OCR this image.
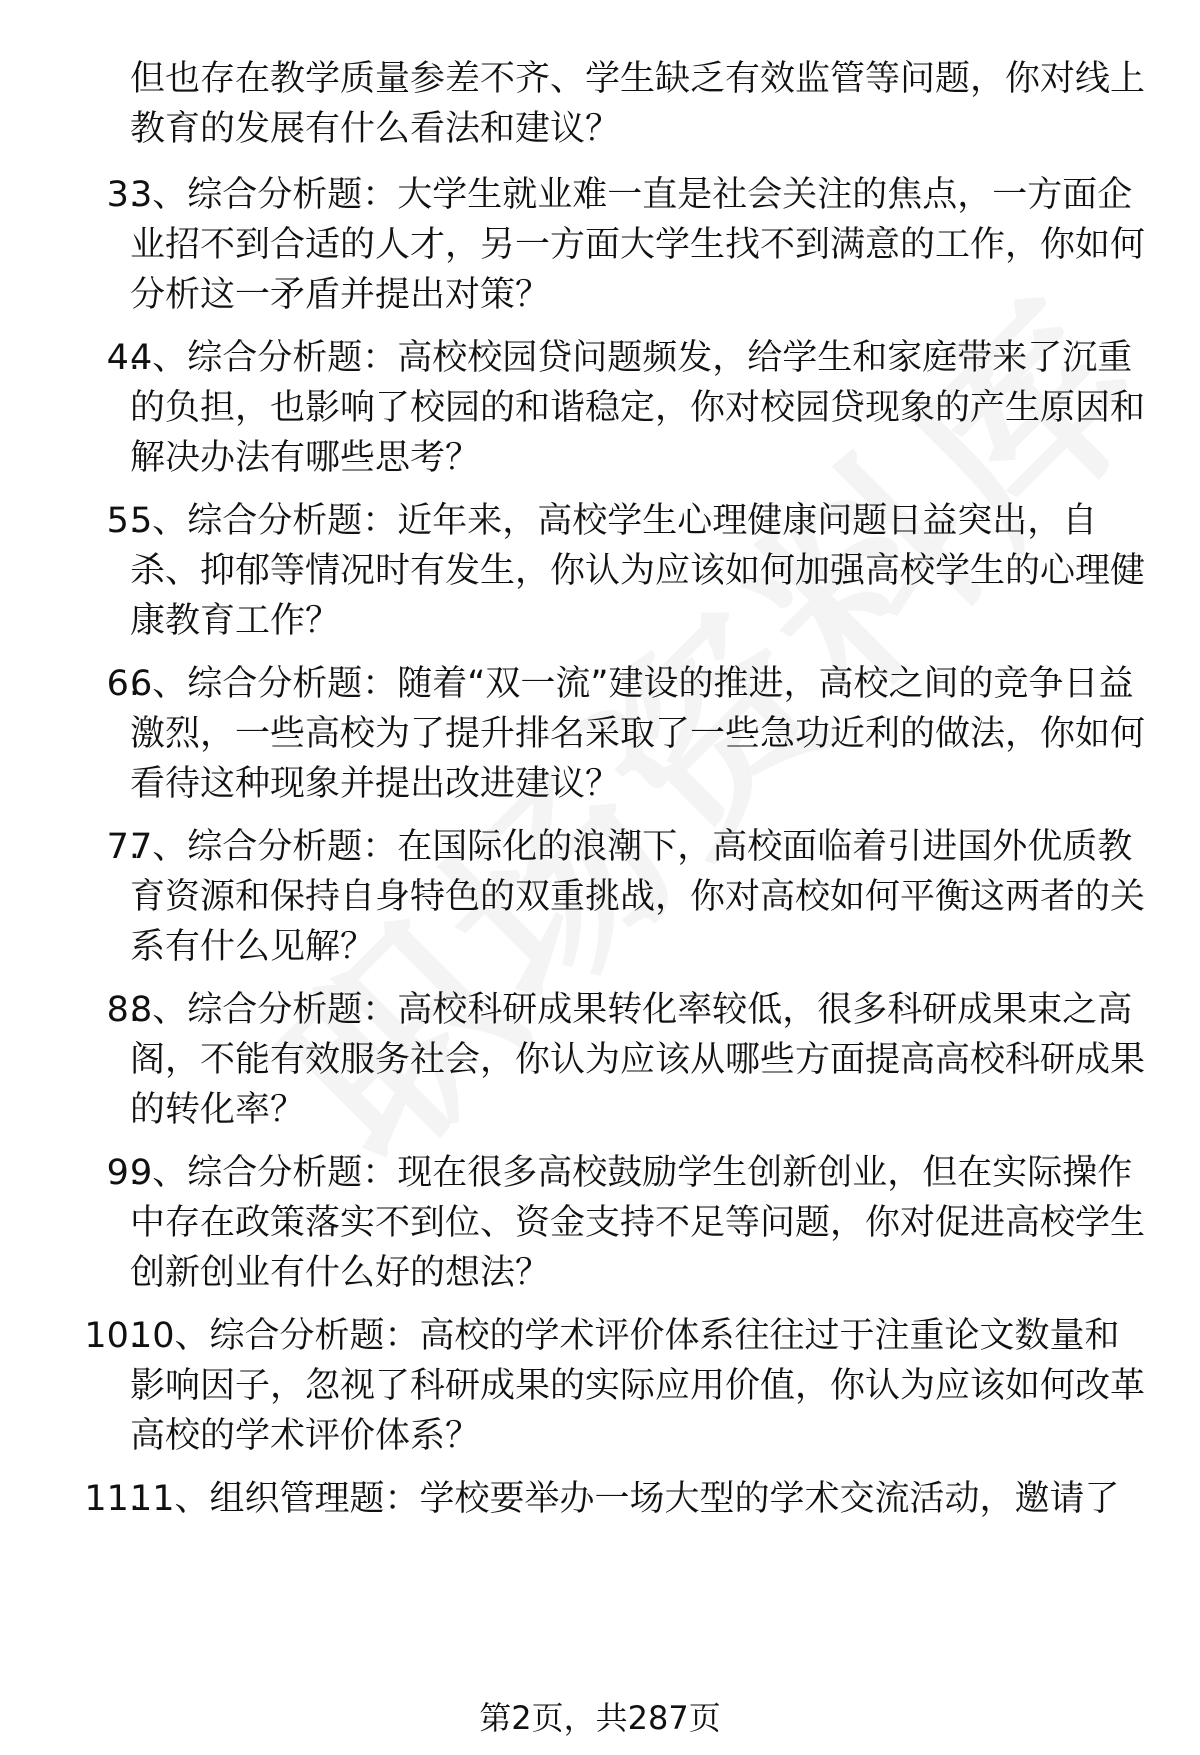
但也存在教学质量参差不齐、学生缺乏有效监管等问题，你对线上教育的发展有什么看法和建议？
3.
3、综合分析题：大学生就业难一直是社会关注的焦点，一方面企业招不到合适的人才，另一方面大学生找不到满意的工作，你如何分析这一矛盾并提出对策？
4.
4、综合分析题：高校校园贷问题频发，给学生和家庭带来了沉重的负担，也影响了校园的和谐稳定，你对校园贷现象的产生原因和解决办法有哪些思考？
5.
5、综合分析题：近年来，高校学生心理健康问题日益突出，自杀、抑郁等情况时有发生，你认为应该如何加强高校学生的心理健康教育工作？
6.
6、综合分析题：随着“双一流”建设的推进，高校之间的竞争日益激烈，一些高校为了提升排名采取了一些急功近利的做法，你如何看待这种现象并提出改进建议？
7.
7、综合分析题：在国际化的浪潮下，高校面临着引进国外优质教育资源和保持自身特色的双重挑战，你对高校如何平衡这两者的关系有什么见解？
8.
8、综合分析题：高校科研成果转化率较低，很多科研成果束之高阁，不能有效服务社会，你认为应该从哪些方面提高高校科研成果的转化率？
9.
9、综合分析题：现在很多高校鼓励学生创新创业，但在实际操作中存在政策落实不到位、资金支持不足等问题，你对促进高校学生创新创业有什么好的想法？
10.
10、综合分析题：高校的学术评价体系往往过于注重论文数量和影响因子，忽视了科研成果的实际应用价值，你认为应该如何改革高校的学术评价体系？
11.
11、组织管理题：学校要举办一场大型的学术交流活动，邀请了
第2页，共287页
